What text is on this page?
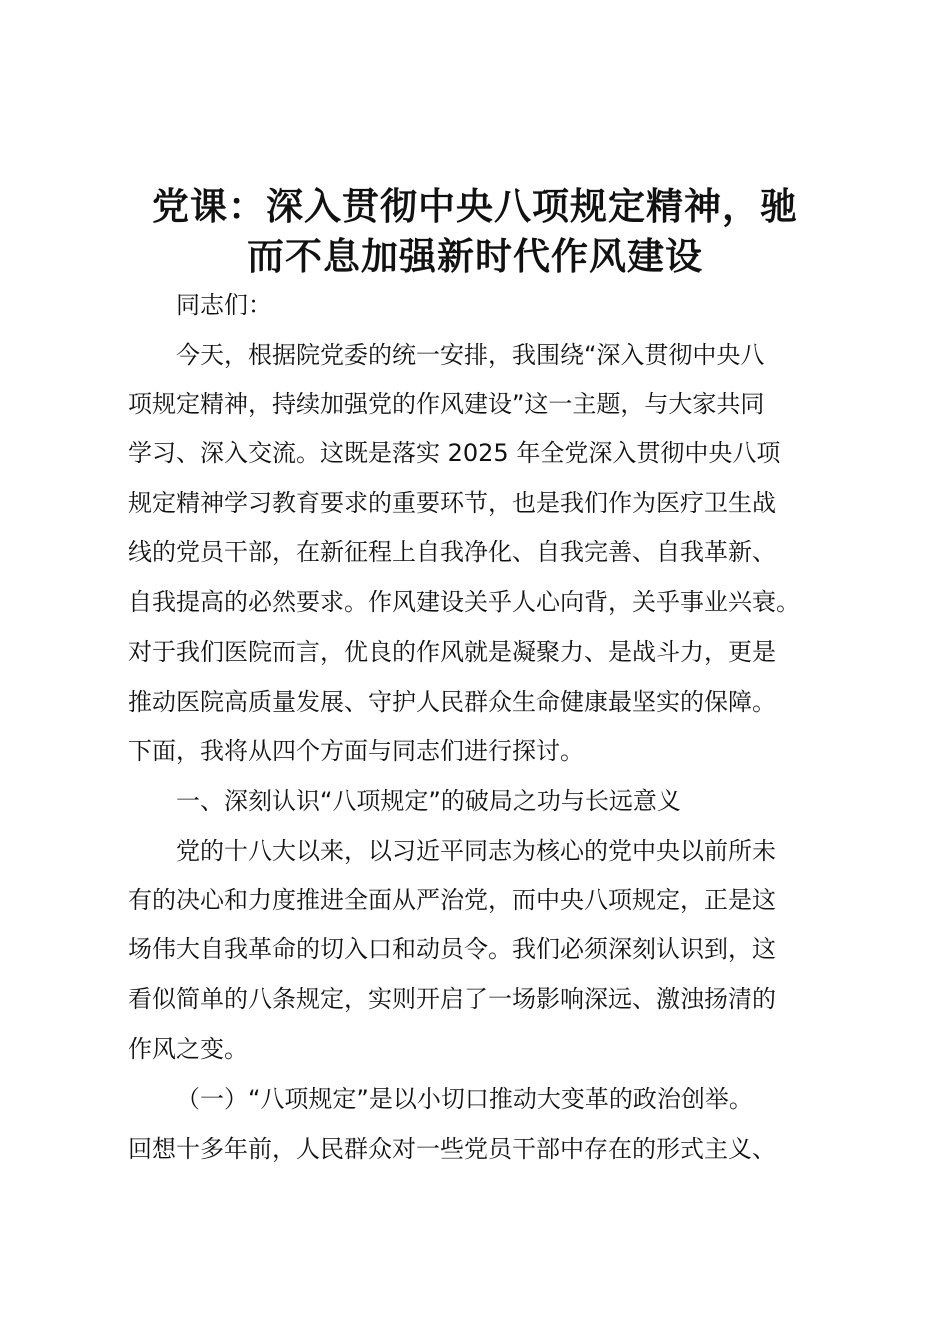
党课：深入贯彻中央八项规定精神，驰
而不息加强新时代作风建设
同志们：
今天，根据院党委的统一安排，我围绕“深入贯彻中央八
项规定精神，持续加强党的作风建设”这一主题，与大家共同
学习、深入交流。这既是落实 2025 年全党深入贯彻中央八项
规定精神学习教育要求的重要环节，也是我们作为医疗卫生战
线的党员干部，在新征程上自我净化、自我完善、自我革新、
自我提高的必然要求。作风建设关乎人心向背，关乎事业兴衰。
对于我们医院而言，优良的作风就是凝聚力、是战斗力，更是
推动医院高质量发展、守护人民群众生命健康最坚实的保障。
下面，我将从四个方面与同志们进行探讨。
一、深刻认识“八项规定”的破局之功与长远意义
党的十八大以来，以习近平同志为核心的党中央以前所未
有的决心和力度推进全面从严治党，而中央八项规定，正是这
场伟大自我革命的切入口和动员令。我们必须深刻认识到，这
看似简单的八条规定，实则开启了一场影响深远、激浊扬清的
作风之变。
（一）“八项规定”是以小切口推动大变革的政治创举。
回想十多年前，人民群众对一些党员干部中存在的形式主义、
